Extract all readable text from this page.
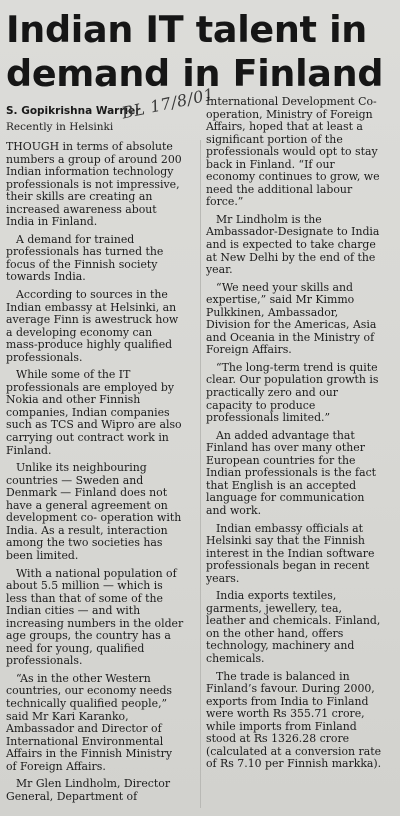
Indian IT talent in
demand in Finland
S. Gopikrishna Warrier
Recently in Helsinki
BL 17/8/01

THOUGH in terms of absolute
numbers a group of around 200
Indian information technology
professionals is not impressive,
their skills are creating an
increased awareness about
India in Finland.

A demand for trained
professionals has turned the
focus of the Finnish society
towards India.

According to sources in the
Indian embassy at Helsinki, an
average Finn is awestruck how
a developing economy can
mass-produce highly qualified
professionals.

While some of the IT
professionals are employed by
Nokia and other Finnish
companies, Indian companies
such as TCS and Wipro are also
carrying out contract work in
Finland.

Unlike its neighbouring
countries — Sweden and
Denmark — Finland does not
have a general agreement on
development co- operation with
India. As a result, interaction
among the two societies has
been limited.

With a national population of
about 5.5 million — which is
less than that of some of the
Indian cities — and with
increasing numbers in the older
age groups, the country has a
need for young, qualified
professionals.

“As in the other Western
countries, our economy needs
technically qualified people,”
said Mr Kari Karanko,
Ambassador and Director of
International Environmental
Affairs in the Finnish Ministry
of Foreign Affairs.

Mr Glen Lindholm, Director
General, Department of

International Development Co-
operation, Ministry of Foreign
Affairs, hoped that at least a
significant portion of the
professionals would opt to stay
back in Finland. “If our
economy continues to grow, we
need the additional labour
force.”

Mr Lindholm is the
Ambassador-Designate to India
and is expected to take charge
at New Delhi by the end of the
year.

“We need your skills and
expertise,” said Mr Kimmo
Pulkkinen, Ambassador,
Division for the Americas, Asia
and Oceania in the Ministry of
Foreign Affairs.

“The long-term trend is quite
clear. Our population growth is
practically zero and our
capacity to produce
professionals limited.”

An added advantage that
Finland has over many other
European countries for the
Indian professionals is the fact
that English is an accepted
language for communication
and work.

Indian embassy officials at
Helsinki say that the Finnish
interest in the Indian software
professionals began in recent
years.

India exports textiles,
garments, jewellery, tea,
leather and chemicals. Finland,
on the other hand, offers
technology, machinery and
chemicals.

The trade is balanced in
Finland’s favour. During 2000,
exports from India to Finland
were worth Rs 355.71 crore,
while imports from Finland
stood at Rs 1326.28 crore
(calculated at a conversion rate
of Rs 7.10 per Finnish markka).
